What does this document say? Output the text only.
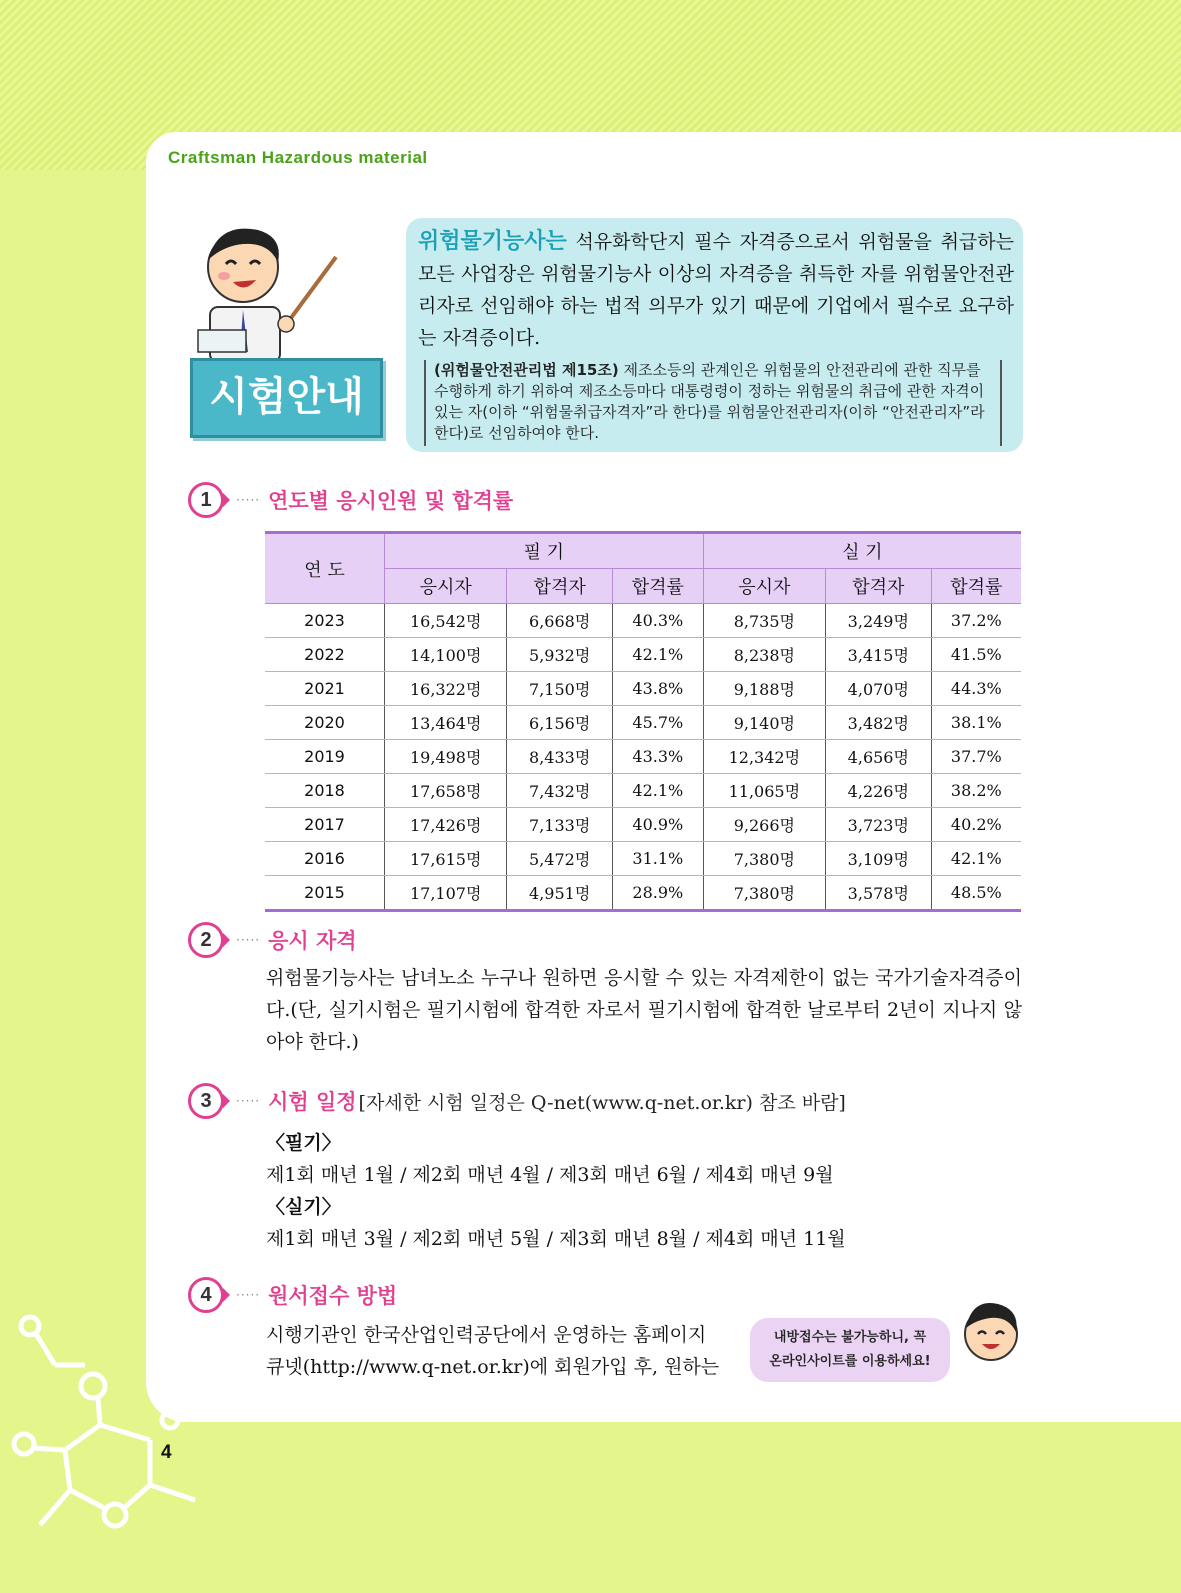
Craftsman Hazardous material
시험안내
위험물기능사는 석유화학단지 필수 자격증으로서 위험물을 취급하는 모든 사업장은 위험물기능사 이상의 자격증을 취득한 자를 위험물안전관리자로 선임해야 하는 법적 의무가 있기 때문에 기업에서 필수로 요구하는 자격증이다.
(위험물안전관리법 제15조) 제조소등의 관계인은 위험물의 안전관리에 관한 직무를 수행하게 하기 위하여 제조소등마다 대통령령이 정하는 위험물의 취급에 관한 자격이 있는 자(이하 “위험물취급자격자”라 한다)를 위험물안전관리자(이하 “안전관리자”라 한다)로 선임하여야 한다.
1	····· 연도별 응시인원 및 합격률
연 도	필 기			실 기		
	응시자	합격자	합격률	응시자	합격자	합격률
2023	16,542명	6,668명	40.3%	8,735명	3,249명	37.2%
2022	14,100명	5,932명	42.1%	8,238명	3,415명	41.5%
2021	16,322명	7,150명	43.8%	9,188명	4,070명	44.3%
2020	13,464명	6,156명	45.7%	9,140명	3,482명	38.1%
2019	19,498명	8,433명	43.3%	12,342명	4,656명	37.7%
2018	17,658명	7,432명	42.1%	11,065명	4,226명	38.2%
2017	17,426명	7,133명	40.9%	9,266명	3,723명	40.2%
2016	17,615명	5,472명	31.1%	7,380명	3,109명	42.1%
2015	17,107명	4,951명	28.9%	7,380명	3,578명	48.5%
2	····· 응시 자격
위험물기능사는 남녀노소 누구나 원하면 응시할 수 있는 자격제한이 없는 국가기술자격증이다.(단, 실기시험은 필기시험에 합격한 자로서 필기시험에 합격한 날로부터 2년이 지나지 않아야 한다.)
3	····· 시험 일정 [자세한 시험 일정은 Q-net(www.q-net.or.kr) 참조 바람]
〈필기〉
제1회 매년 1월 / 제2회 매년 4월 / 제3회 매년 6월 / 제4회 매년 9월
〈실기〉
제1회 매년 3월 / 제2회 매년 5월 / 제3회 매년 8월 / 제4회 매년 11월
4	····· 원서접수 방법
시행기관인 한국산업인력공단에서 운영하는 홈페이지
큐넷(http://www.q-net.or.kr)에 회원가입 후, 원하는
내방접수는 불가능하니, 꼭
온라인사이트를 이용하세요!
4
